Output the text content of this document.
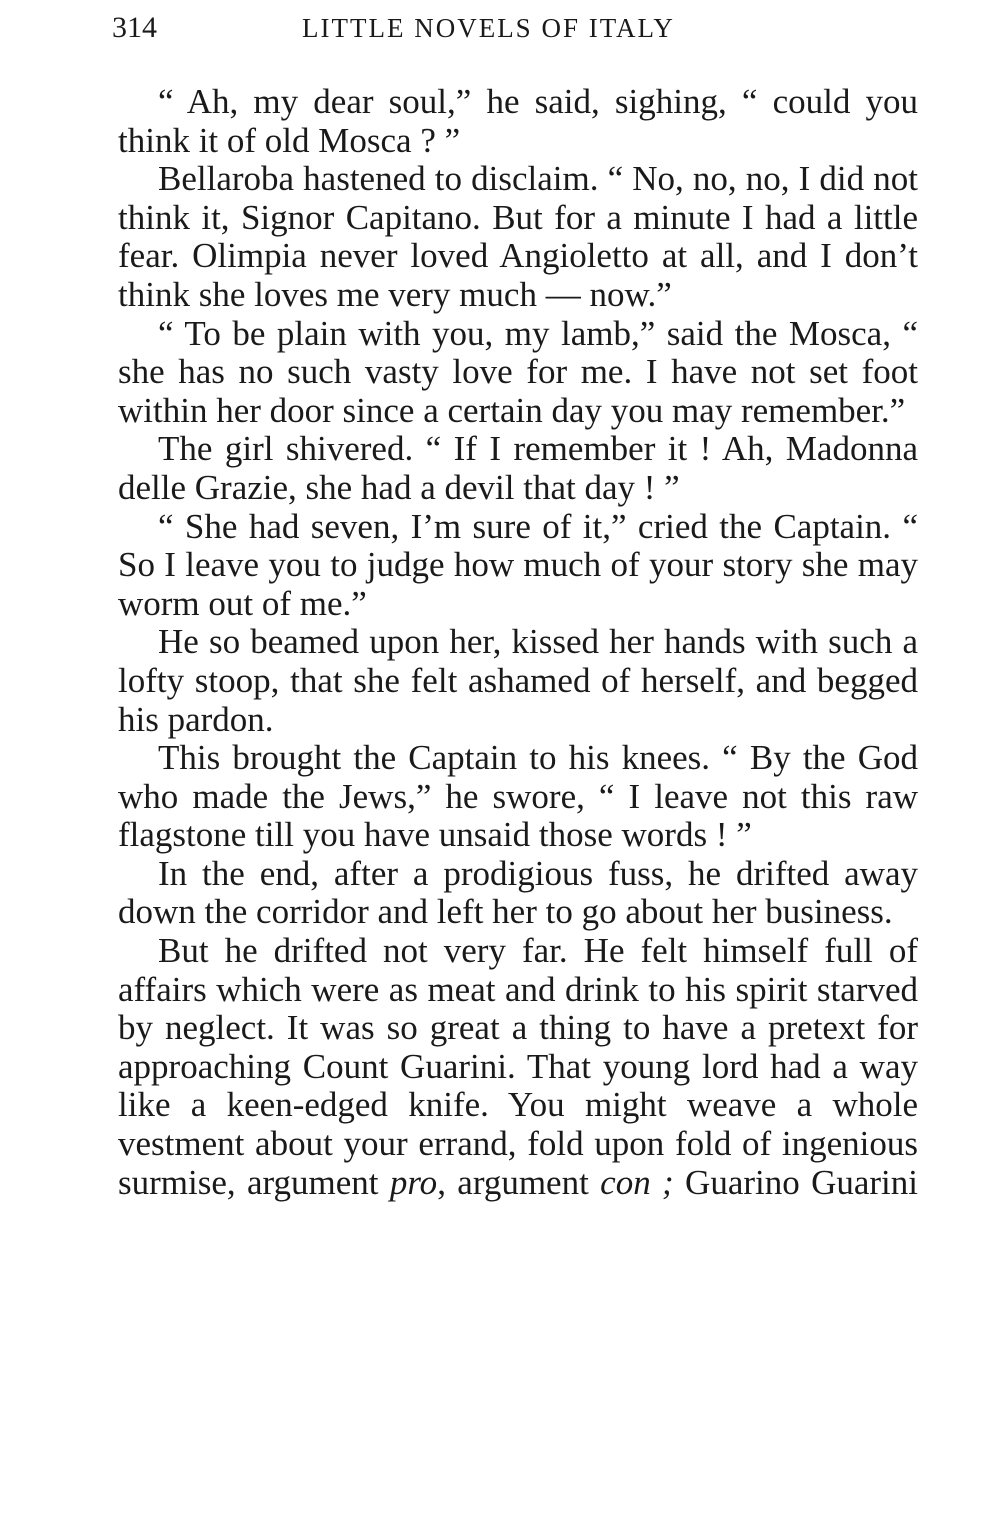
314	LITTLE NOVELS OF ITALY

“ Ah, my dear soul,” he said, sighing, “ could you think it of old Mosca ? ”

Bellaroba hastened to disclaim. “ No, no, no, I did not think it, Signor Capitano. But for a minute I had a little fear. Olimpia never loved Angioletto at all, and I don’t think she loves me very much — now.”

“ To be plain with you, my lamb,” said the Mosca, “ she has no such vasty love for me. I have not set foot within her door since a certain day you may remember.”

The girl shivered. “ If I remember it ! Ah, Madonna delle Grazie, she had a devil that day ! ”

“ She had seven, I’m sure of it,” cried the Captain. “ So I leave you to judge how much of your story she may worm out of me.”

He so beamed upon her, kissed her hands with such a lofty stoop, that she felt ashamed of herself, and begged his pardon.

This brought the Captain to his knees. “ By the God who made the Jews,” he swore, “ I leave not this raw flagstone till you have unsaid those words ! ”

In the end, after a prodigious fuss, he drifted away down the corridor and left her to go about her business.

But he drifted not very far. He felt himself full of affairs which were as meat and drink to his spirit starved by neglect. It was so great a thing to have a pretext for approaching Count Guarini. That young lord had a way like a keen-edged knife. You might weave a whole vestment about your errand, fold upon fold of ingenious surmise, argument pro, argument con ; Guarino Guarini
